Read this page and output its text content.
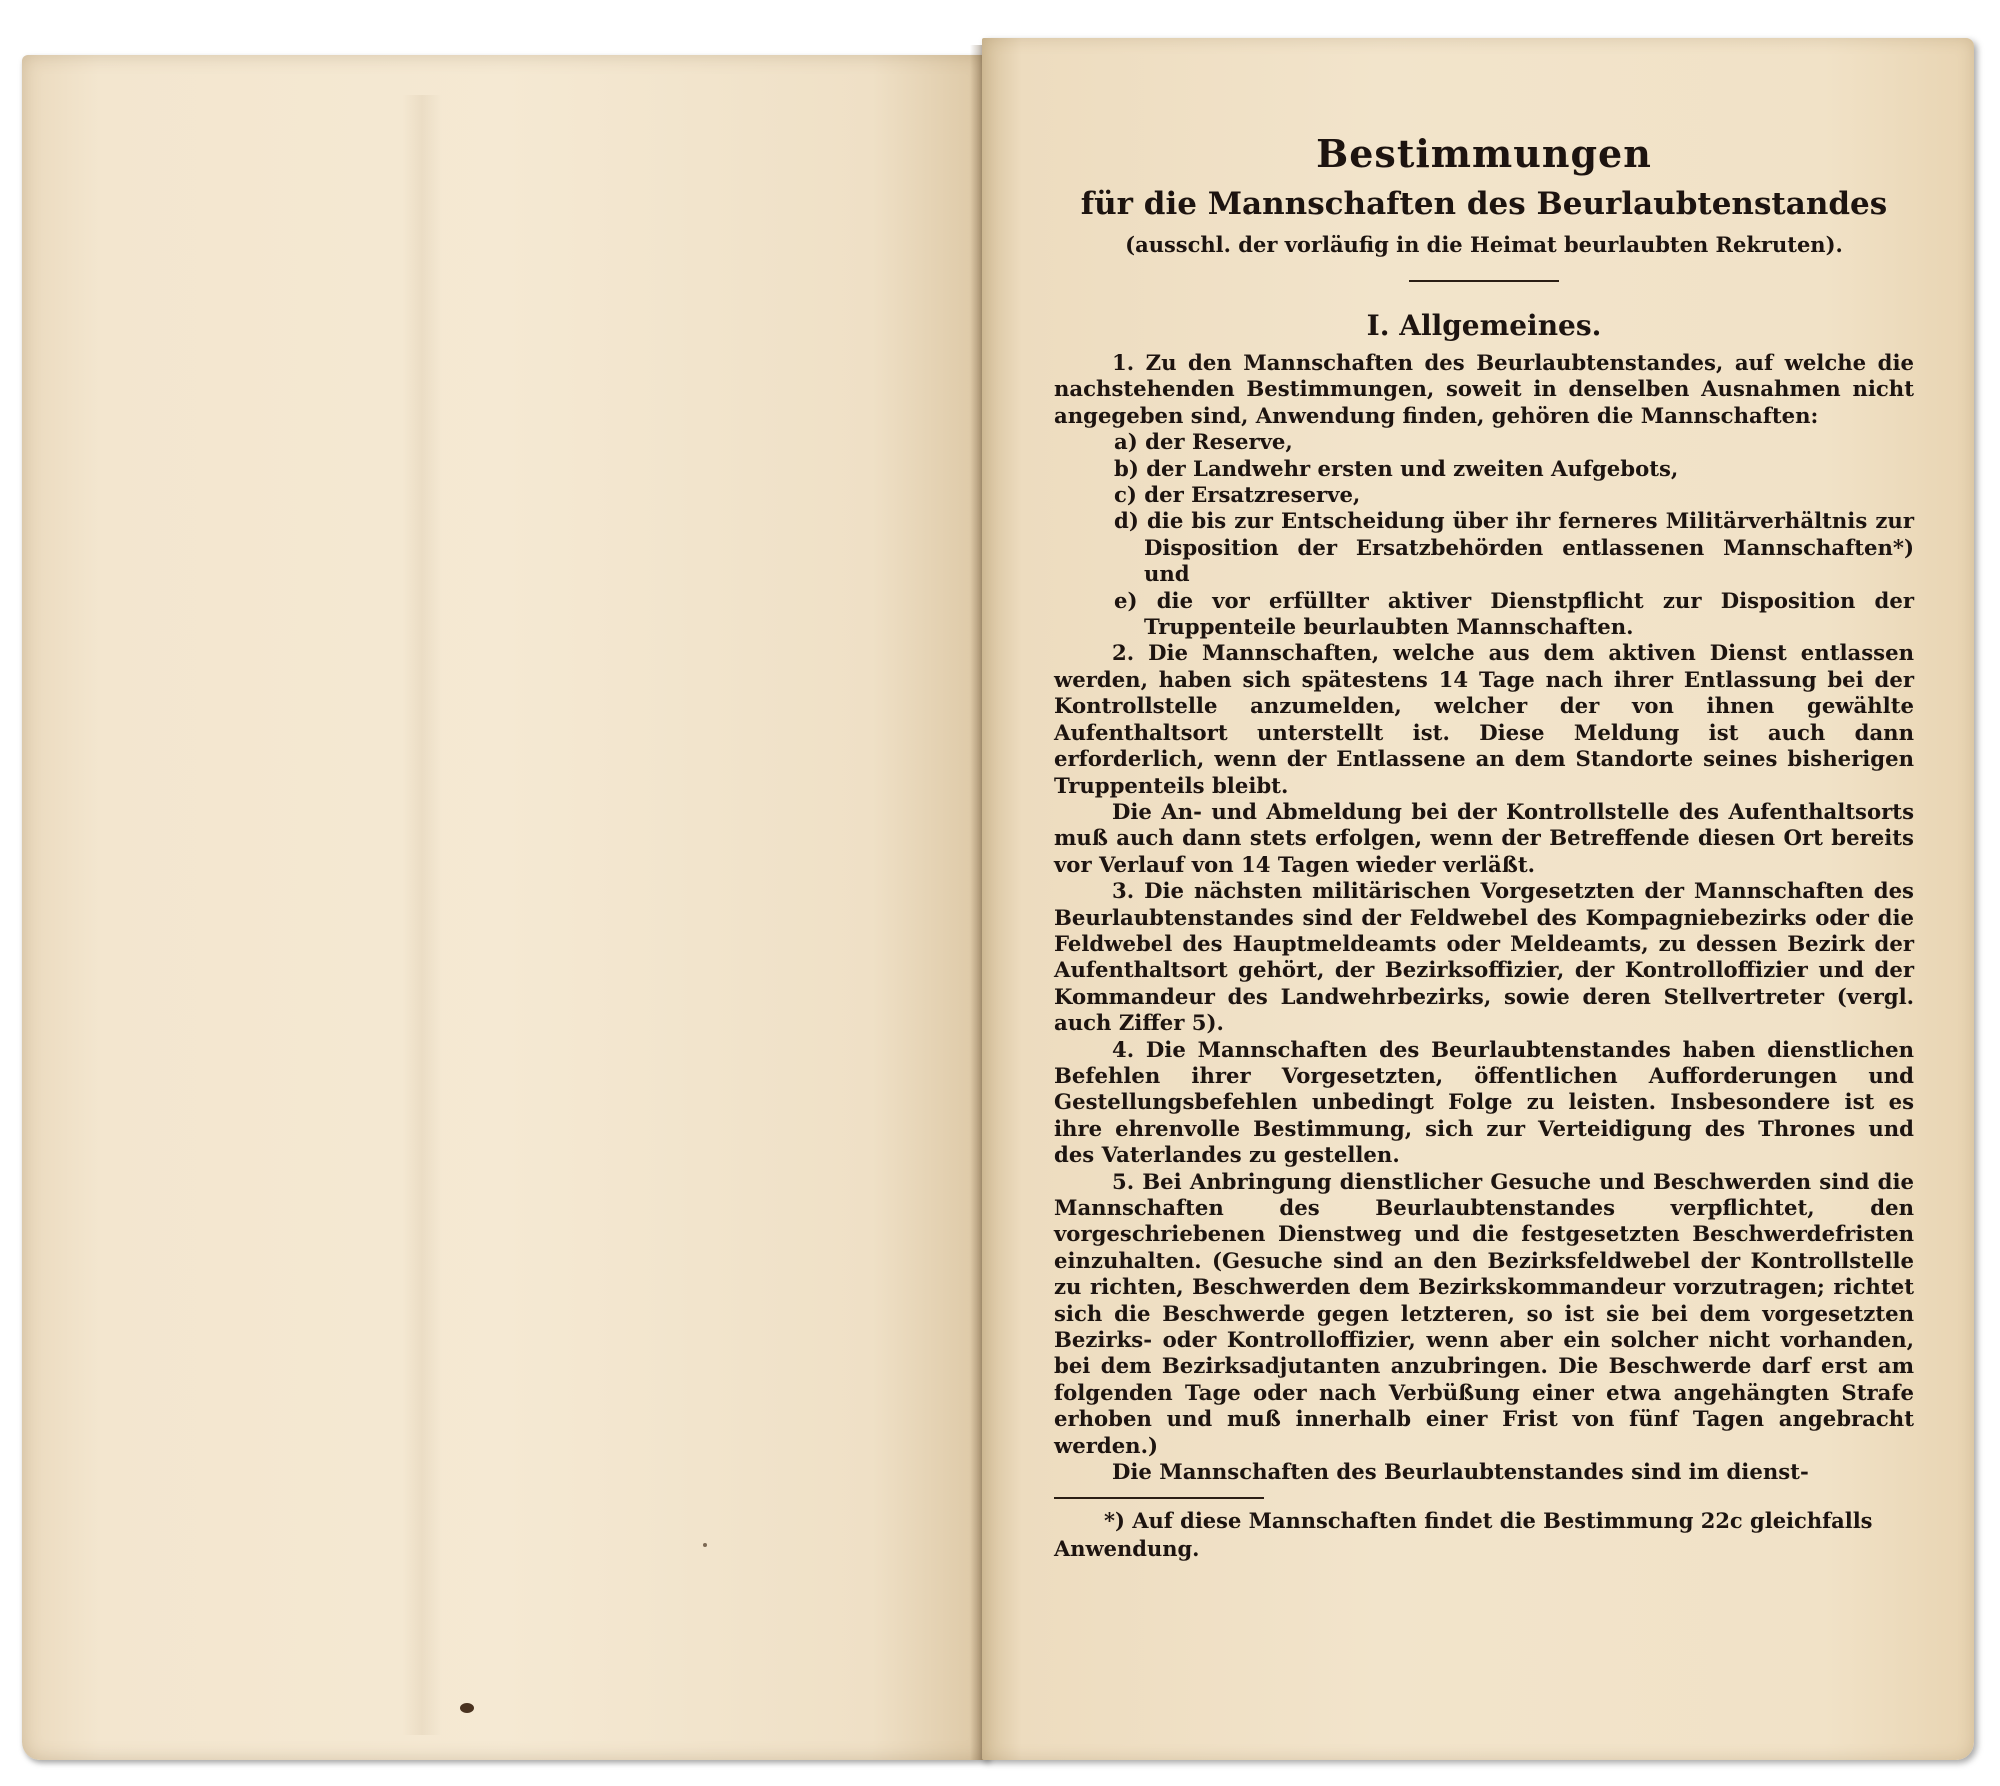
Bestimmungen
für die Mannschaften des Beurlaubtenstandes
(ausschl. der vorläufig in die Heimat beurlaubten Rekruten).
I. Allgemeines.

1. Zu den Mannschaften des Beurlaubtenstandes, auf welche die nachstehenden Bestimmungen, soweit in denselben Ausnahmen nicht angegeben sind, Anwendung finden, gehören die Mannschaften:

a) der Reserve,

b) der Landwehr ersten und zweiten Aufgebots,

c) der Ersatzreserve,

d) die bis zur Entscheidung über ihr ferneres Militärverhältnis zur Disposition der Ersatzbehörden entlassenen Mannschaften*) und

e) die vor erfüllter aktiver Dienstpflicht zur Disposition der Truppenteile beurlaubten Mannschaften.

2. Die Mannschaften, welche aus dem aktiven Dienst entlassen werden, haben sich spätestens 14 Tage nach ihrer Entlassung bei der Kontrollstelle anzumelden, welcher der von ihnen gewählte Aufenthaltsort unterstellt ist. Diese Meldung ist auch dann erforderlich, wenn der Entlassene an dem Standorte seines bisherigen Truppenteils bleibt.

Die An- und Abmeldung bei der Kontrollstelle des Aufenthaltsorts muß auch dann stets erfolgen, wenn der Betreffende diesen Ort bereits vor Verlauf von 14 Tagen wieder verläßt.

3. Die nächsten militärischen Vorgesetzten der Mannschaften des Beurlaubtenstandes sind der Feldwebel des Kompagniebezirks oder die Feldwebel des Hauptmeldeamts oder Meldeamts, zu dessen Bezirk der Aufenthaltsort gehört, der Bezirksoffizier, der Kontrolloffizier und der Kommandeur des Landwehrbezirks, sowie deren Stellvertreter (vergl. auch Ziffer 5).

4. Die Mannschaften des Beurlaubtenstandes haben dienstlichen Befehlen ihrer Vorgesetzten, öffentlichen Aufforderungen und Gestellungsbefehlen unbedingt Folge zu leisten. Insbesondere ist es ihre ehrenvolle Bestimmung, sich zur Verteidigung des Thrones und des Vaterlandes zu gestellen.

5. Bei Anbringung dienstlicher Gesuche und Beschwerden sind die Mannschaften des Beurlaubtenstandes verpflichtet, den vorgeschriebenen Dienstweg und die festgesetzten Beschwerdefristen einzuhalten. (Gesuche sind an den Bezirksfeldwebel der Kontrollstelle zu richten, Beschwerden dem Bezirkskommandeur vorzutragen; richtet sich die Beschwerde gegen letzteren, so ist sie bei dem vorgesetzten Bezirks- oder Kontrolloffizier, wenn aber ein solcher nicht vorhanden, bei dem Bezirksadjutanten anzubringen. Die Beschwerde darf erst am folgenden Tage oder nach Verbüßung einer etwa angehängten Strafe erhoben und muß innerhalb einer Frist von fünf Tagen angebracht werden.)

Die Mannschaften des Beurlaubtenstandes sind im dienst-

*) Auf diese Mannschaften findet die Bestimmung 22c gleichfalls Anwendung.
